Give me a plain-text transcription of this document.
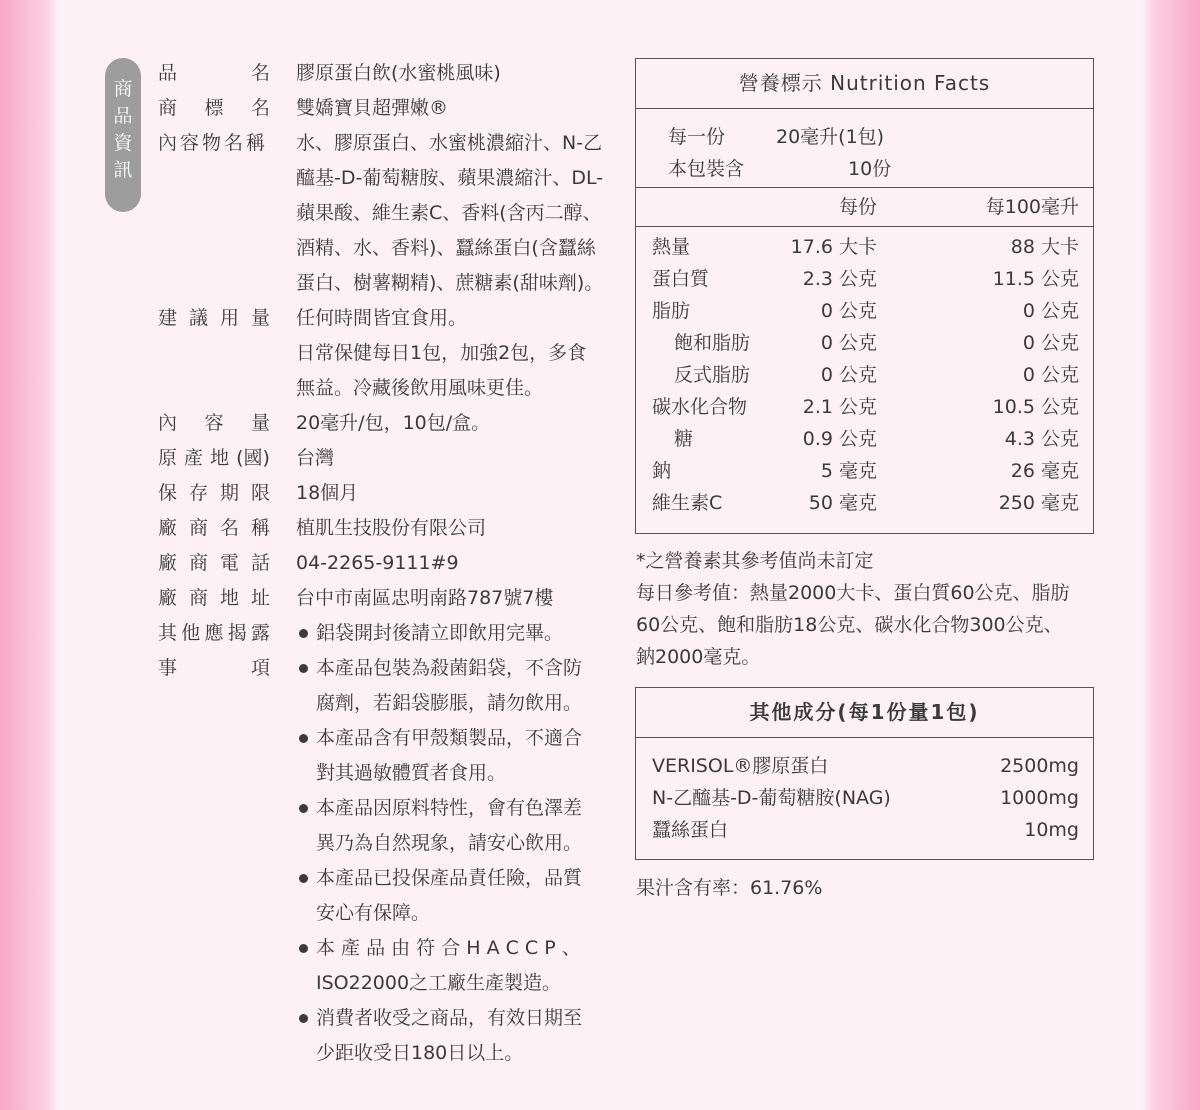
商
品
資
訊
品	名 膠原蛋白飲(水蜜桃風味)
商 標 名 雙嬌寶貝超彈嫩®
內容物名稱 水、膠原蛋白、水蜜桃濃縮汁、N-乙
醯基-D-葡萄糖胺、蘋果濃縮汁、DL-
蘋果酸、維生素C、香料(含丙二醇、
酒精、水、香料)、蠶絲蛋白(含蠶絲
蛋白、樹薯糊精)、蔗糖素(甜味劑)。
建 議 用 量 任何時間皆宜食用。
日常保健每日1包，加強2包，多食
無益。冷藏後飲用風味更佳。
內 容 量 20毫升/包，10包/盒。
原 產 地 (國) 台灣
保 存 期 限 18個月
廠 商 名 稱 植肌生技股份有限公司
廠 商 電 話 04-2265-9111#9
廠 商 地 址 台中市南區忠明南路787號7樓
其 他 應 揭 露
事	項
鋁袋開封後請立即飲用完畢。
本產品包裝為殺菌鋁袋，不含防
腐劑，若鋁袋膨脹，請勿飲用。
本產品含有甲殼類製品，不適合
對其過敏體質者食用。
本產品因原料特性，會有色澤差
異乃為自然現象，請安心飲用。
本產品已投保產品責任險，品質
安心有保障。
本 產 品 由 符 合 H A C C P 、
ISO22000之工廠生產製造。
消費者收受之商品，有效日期至
少距收受日180日以上。
營養標示 Nutrition Facts
每一份	20毫升(1包)
本包裝含	10份
每份	每100毫升
熱量	17.6 大卡	88 大卡
蛋白質	2.3 公克	11.5 公克
脂肪	0 公克	0 公克
飽和脂肪	0 公克	0 公克
反式脂肪	0 公克	0 公克
碳水化合物	2.1 公克	10.5 公克
糖	0.9 公克	4.3 公克
鈉	5 毫克	26 毫克
維生素C	50 毫克	250 毫克
*之營養素其參考值尚未訂定
每日參考值：熱量2000大卡、蛋白質60公克、脂肪
60公克、飽和脂肪18公克、碳水化合物300公克、
鈉2000毫克。
其他成分(每1份量1包)
VERISOL®膠原蛋白	2500mg
N-乙醯基-D-葡萄糖胺(NAG)	1000mg
蠶絲蛋白	10mg
果汁含有率：61.76%
